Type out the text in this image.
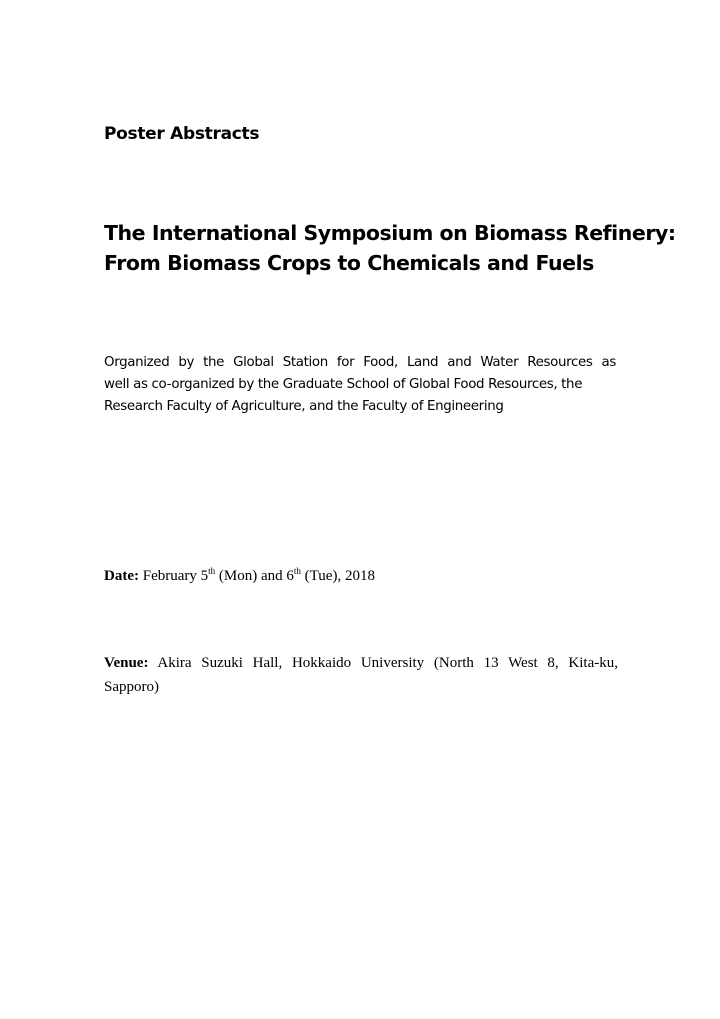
Poster Abstracts
The International Symposium on Biomass Refinery:
From Biomass Crops to Chemicals and Fuels
Organized by the Global Station for Food, Land and Water Resources as
well as co-organized by the Graduate School of Global Food Resources, the
Research Faculty of Agriculture, and the Faculty of Engineering
Date: February 5th (Mon) and 6th (Tue), 2018
Venue: Akira Suzuki Hall, Hokkaido University (North 13 West 8, Kita-ku,
Sapporo)
